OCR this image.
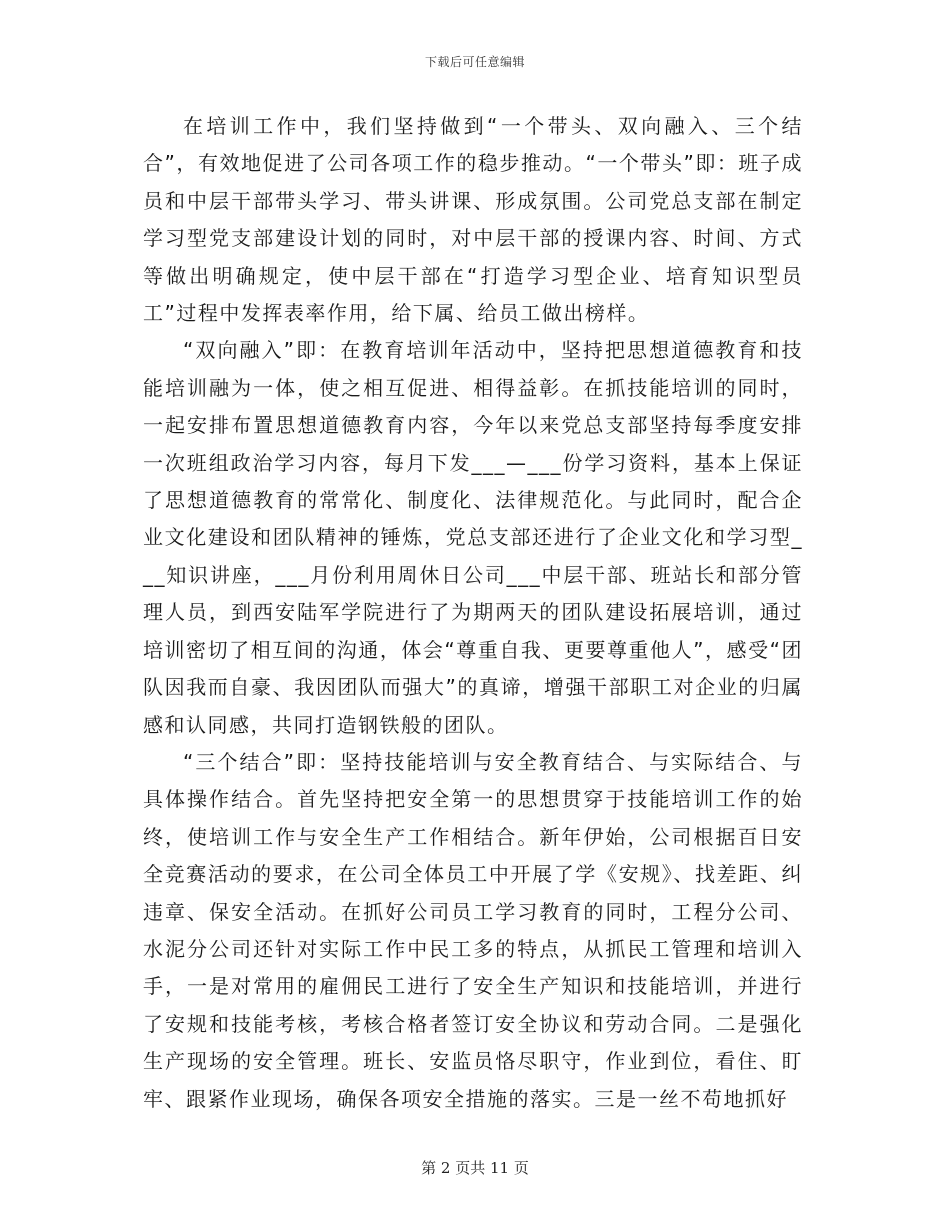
下载后可任意编辑

在培训工作中，我们坚持做到“一个带头、双向融入、三个结合”，有效地促进了公司各项工作的稳步推动。“一个带头”即：班子成员和中层干部带头学习、带头讲课、形成氛围。公司党总支部在制定学习型党支部建设计划的同时，对中层干部的授课内容、时间、方式等做出明确规定，使中层干部在“打造学习型企业、培育知识型员工”过程中发挥表率作用，给下属、给员工做出榜样。

“双向融入”即：在教育培训年活动中，坚持把思想道德教育和技能培训融为一体，使之相互促进、相得益彰。在抓技能培训的同时，一起安排布置思想道德教育内容，今年以来党总支部坚持每季度安排一次班组政治学习内容，每月下发___—___份学习资料，基本上保证了思想道德教育的常常化、制度化、法律规范化。与此同时，配合企业文化建设和团队精神的锤炼，党总支部还进行了企业文化和学习型___知识讲座，___月份利用周休日公司___中层干部、班站长和部分管理人员，到西安陆军学院进行了为期两天的团队建设拓展培训，通过培训密切了相互间的沟通，体会“尊重自我、更要尊重他人”，感受“团队因我而自豪、我因团队而强大”的真谛，增强干部职工对企业的归属感和认同感，共同打造钢铁般的团队。

“三个结合”即：坚持技能培训与安全教育结合、与实际结合、与具体操作结合。首先坚持把安全第一的思想贯穿于技能培训工作的始终，使培训工作与安全生产工作相结合。新年伊始，公司根据百日安全竞赛活动的要求，在公司全体员工中开展了学《安规》、找差距、纠违章、保安全活动。在抓好公司员工学习教育的同时，工程分公司、水泥分公司还针对实际工作中民工多的特点，从抓民工管理和培训入手，一是对常用的雇佣民工进行了安全生产知识和技能培训，并进行了安规和技能考核，考核合格者签订安全协议和劳动合同。二是强化生产现场的安全管理。班长、安监员恪尽职守，作业到位，看住、盯牢、跟紧作业现场，确保各项安全措施的落实。三是一丝不苟地抓好

第 2 页共 11 页
